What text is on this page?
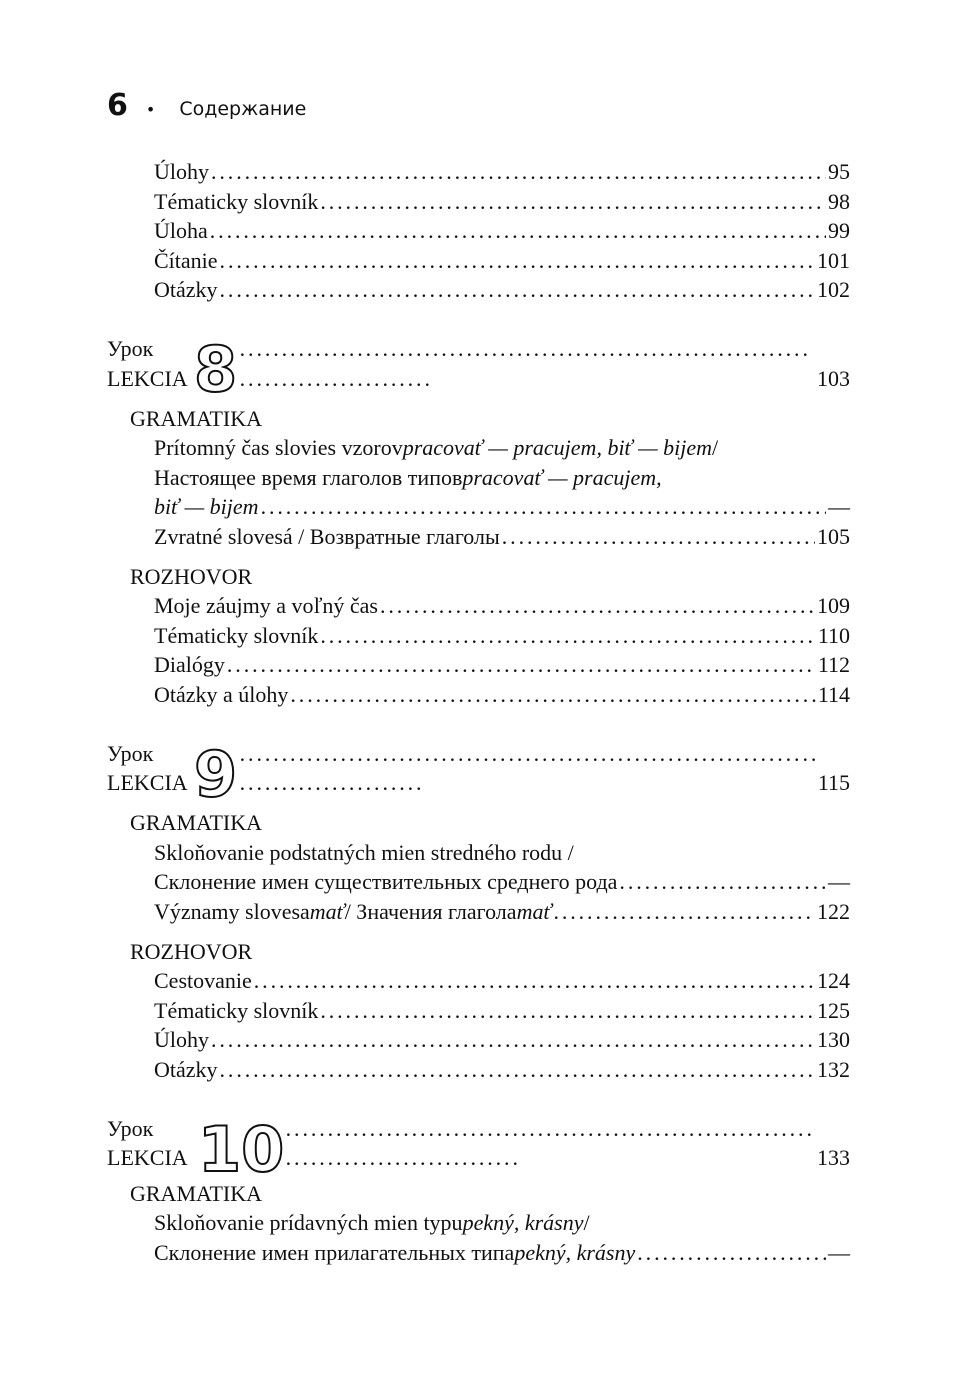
6 • Содержание
Úlohy . . .	95
Tématicky slovník . . .	98
Úloha . . .	99
Čítanie . . .	101
Otázky . . .	102
Урок
LEKCIA 8 . . .	103
GRAMATIKA
Prítomný čas slovies vzorov pracovať — pracujem, biť — bijem /
Настоящее время глаголов типов pracovať — pracujem,
biť — bijem . . .	—
Zvratné slovesá / Возвратные глаголы . . .	105
ROZHOVOR
Moje záujmy a voľný čas . . .	109
Tématicky slovník . . .	110
Dialógy . . .	112
Otázky a úlohy . . .	114
Урок
LEKCIA 9 . . .	115
GRAMATIKA
Skloňovanie podstatných mien stredného rodu /
Склонение имен существительных среднего рода . . .	—
Významy slovesa mať / Значения глагола mať . . .	122
ROZHOVOR
Cestovanie . . .	124
Tématicky slovník . . .	125
Úlohy . . .	130
Otázky . . .	132
Урок
LEKCIA 10 . . .	133
GRAMATIKA
Skloňovanie prídavných mien typu pekný, krásny /
Склонение имен прилагательных типа pekný, krásny . . .	—
